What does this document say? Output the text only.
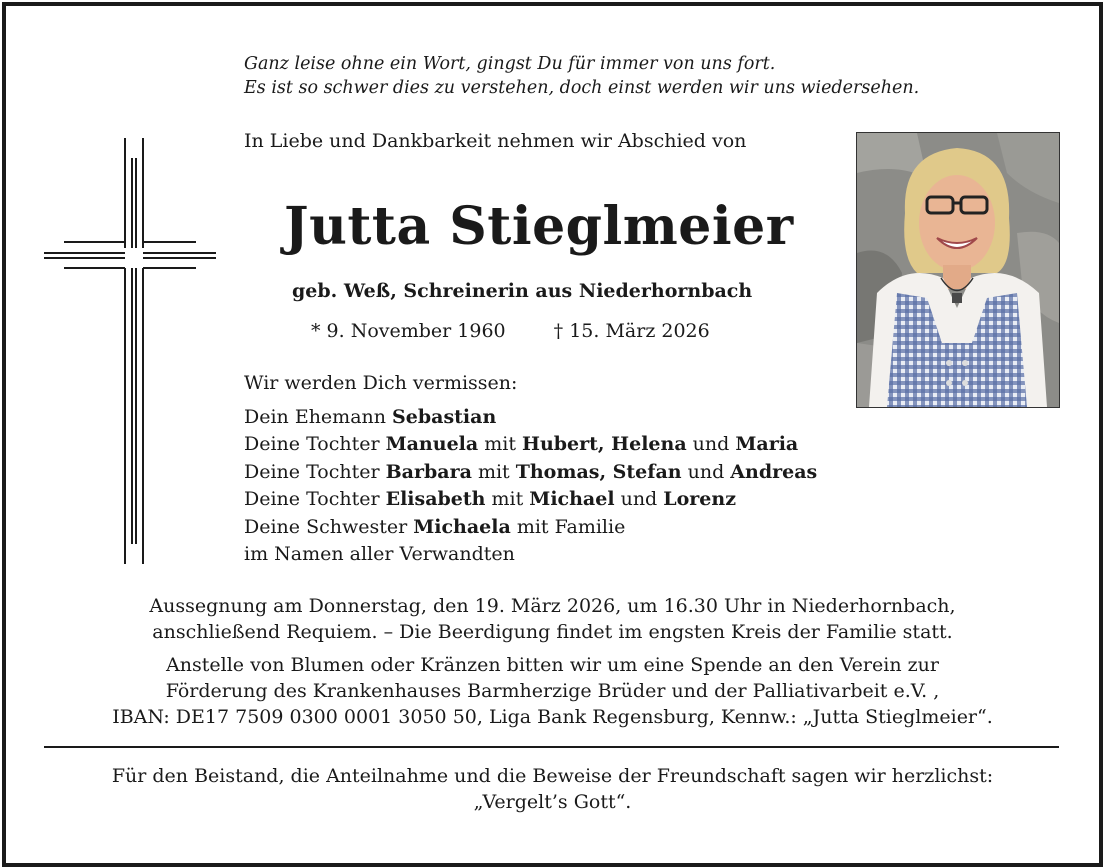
Ganz leise ohne ein Wort, gingst Du für immer von uns fort.
Es ist so schwer dies zu verstehen, doch einst werden wir uns wiedersehen.
In Liebe und Dankbarkeit nehmen wir Abschied von
Jutta Stieglmeier
geb. Weß, Schreinerin aus Niederhornbach
* 9. November 1960	† 15. März 2026
Wir werden Dich vermissen:
Dein Ehemann Sebastian
Deine Tochter Manuela mit Hubert, Helena und Maria
Deine Tochter Barbara mit Thomas, Stefan und Andreas
Deine Tochter Elisabeth mit Michael und Lorenz
Deine Schwester Michaela mit Familie
im Namen aller Verwandten
Aussegnung am Donnerstag, den 19. März 2026, um 16.30 Uhr in Niederhornbach,
anschließend Requiem. – Die Beerdigung findet im engsten Kreis der Familie statt.
Anstelle von Blumen oder Kränzen bitten wir um eine Spende an den Verein zur
Förderung des Krankenhauses Barmherzige Brüder und der Palliativarbeit e.V. ,
IBAN: DE17 7509 0300 0001 3050 50, Liga Bank Regensburg, Kennw.: „Jutta Stieglmeier“.
Für den Beistand, die Anteilnahme und die Beweise der Freundschaft sagen wir herzlichst:
„Vergelt’s Gott“.
